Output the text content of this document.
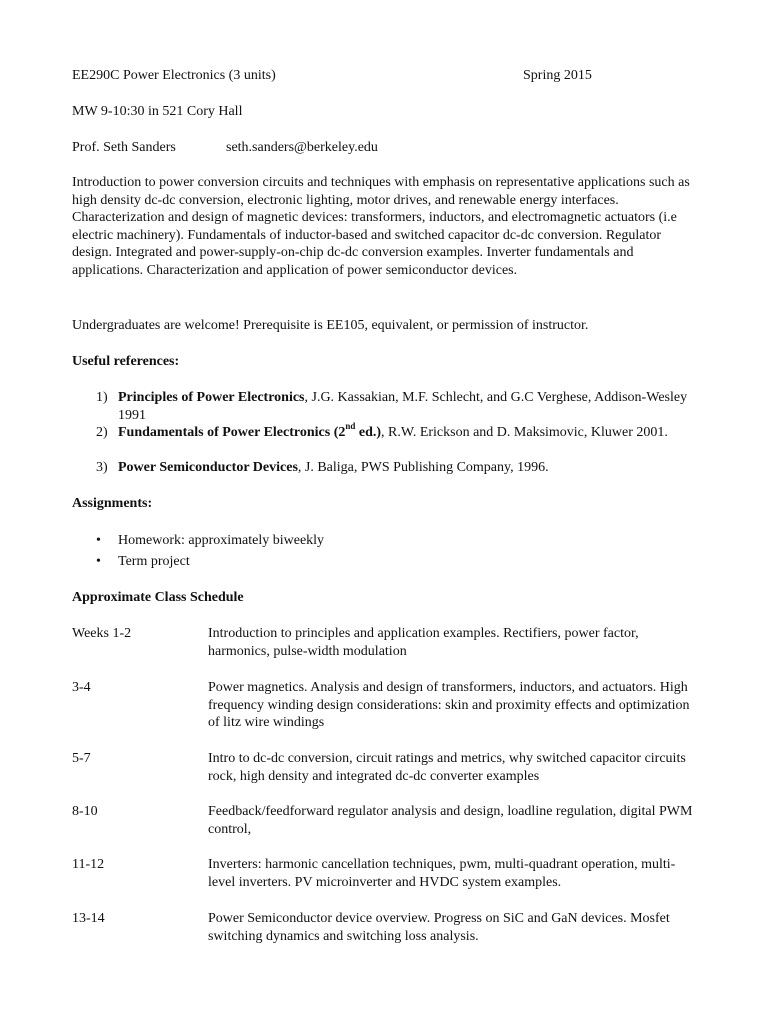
EE290C Power Electronics (3 units)	Spring 2015
MW 9-10:30 in 521 Cory Hall
Prof. Seth Sanders	seth.sanders@berkeley.edu
Introduction to power conversion circuits and techniques with emphasis on representative applications such as high density dc-dc conversion, electronic lighting, motor drives, and renewable energy interfaces. Characterization and design of magnetic devices: transformers, inductors, and electromagnetic actuators (i.e electric machinery). Fundamentals of inductor-based and switched capacitor dc-dc conversion. Regulator design. Integrated and power-supply-on-chip dc-dc conversion examples. Inverter fundamentals and applications. Characterization and application of power semiconductor devices.
Undergraduates are welcome! Prerequisite is EE105, equivalent, or permission of instructor.
Useful references:
1) Principles of Power Electronics, J.G. Kassakian, M.F. Schlecht, and G.C Verghese, Addison-Wesley 1991
2) Fundamentals of Power Electronics (2nd ed.), R.W. Erickson and D. Maksimovic, Kluwer 2001.
3) Power Semiconductor Devices, J. Baliga, PWS Publishing Company, 1996.
Assignments:
• Homework: approximately biweekly
• Term project
Approximate Class Schedule
Weeks 1-2	Introduction to principles and application examples. Rectifiers, power factor, harmonics, pulse-width modulation
3-4	Power magnetics. Analysis and design of transformers, inductors, and actuators. High frequency winding design considerations: skin and proximity effects and optimization of litz wire windings
5-7	Intro to dc-dc conversion, circuit ratings and metrics, why switched capacitor circuits rock, high density and integrated dc-dc converter examples
8-10	Feedback/feedforward regulator analysis and design, loadline regulation, digital PWM control,
11-12	Inverters: harmonic cancellation techniques, pwm, multi-quadrant operation, multi-level inverters. PV microinverter and HVDC system examples.
13-14	Power Semiconductor device overview. Progress on SiC and GaN devices. Mosfet switching dynamics and switching loss analysis.
